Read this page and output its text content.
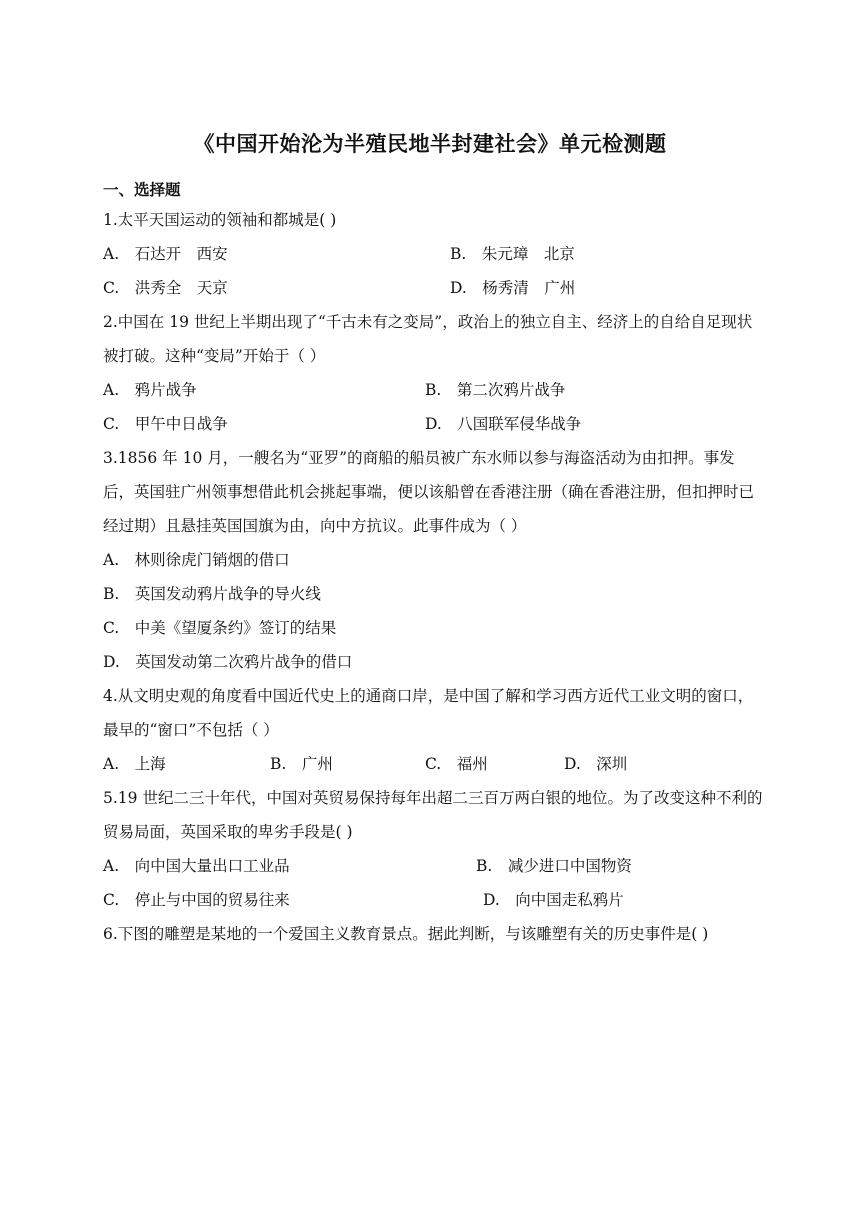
《中国开始沦为半殖民地半封建社会》单元检测题
一、选择题
1.太平天国运动的领袖和都城是( )
A.　石达开　西安	B.　朱元璋　北京
C.　洪秀全　天京	D.　杨秀清　广州
2.中国在 19 世纪上半期出现了“千古未有之变局”，政治上的独立自主、经济上的自给自足现状被打破。这种“变局”开始于（ ）
A.　鸦片战争	B.　第二次鸦片战争
C.　甲午中日战争	D.　八国联军侵华战争
3.1856 年 10 月，一艘名为“亚罗”的商船的船员被广东水师以参与海盗活动为由扣押。事发后，英国驻广州领事想借此机会挑起事端，便以该船曾在香港注册（确在香港注册，但扣押时已经过期）且悬挂英国国旗为由，向中方抗议。此事件成为（ ）
A.　林则徐虎门销烟的借口
B.　英国发动鸦片战争的导火线
C.　中美《望厦条约》签订的结果
D.　英国发动第二次鸦片战争的借口
4.从文明史观的角度看中国近代史上的通商口岸，是中国了解和学习西方近代工业文明的窗口，最早的“窗口”不包括（ ）
A.　上海	B.　广州	C.　福州	D.　深圳
5.19 世纪二三十年代，中国对英贸易保持每年出超二三百万两白银的地位。为了改变这种不利的贸易局面，英国采取的卑劣手段是( )
A.　向中国大量出口工业品	B.　减少进口中国物资
C.　停止与中国的贸易往来	D.　向中国走私鸦片
6.下图的雕塑是某地的一个爱国主义教育景点。据此判断，与该雕塑有关的历史事件是( )
